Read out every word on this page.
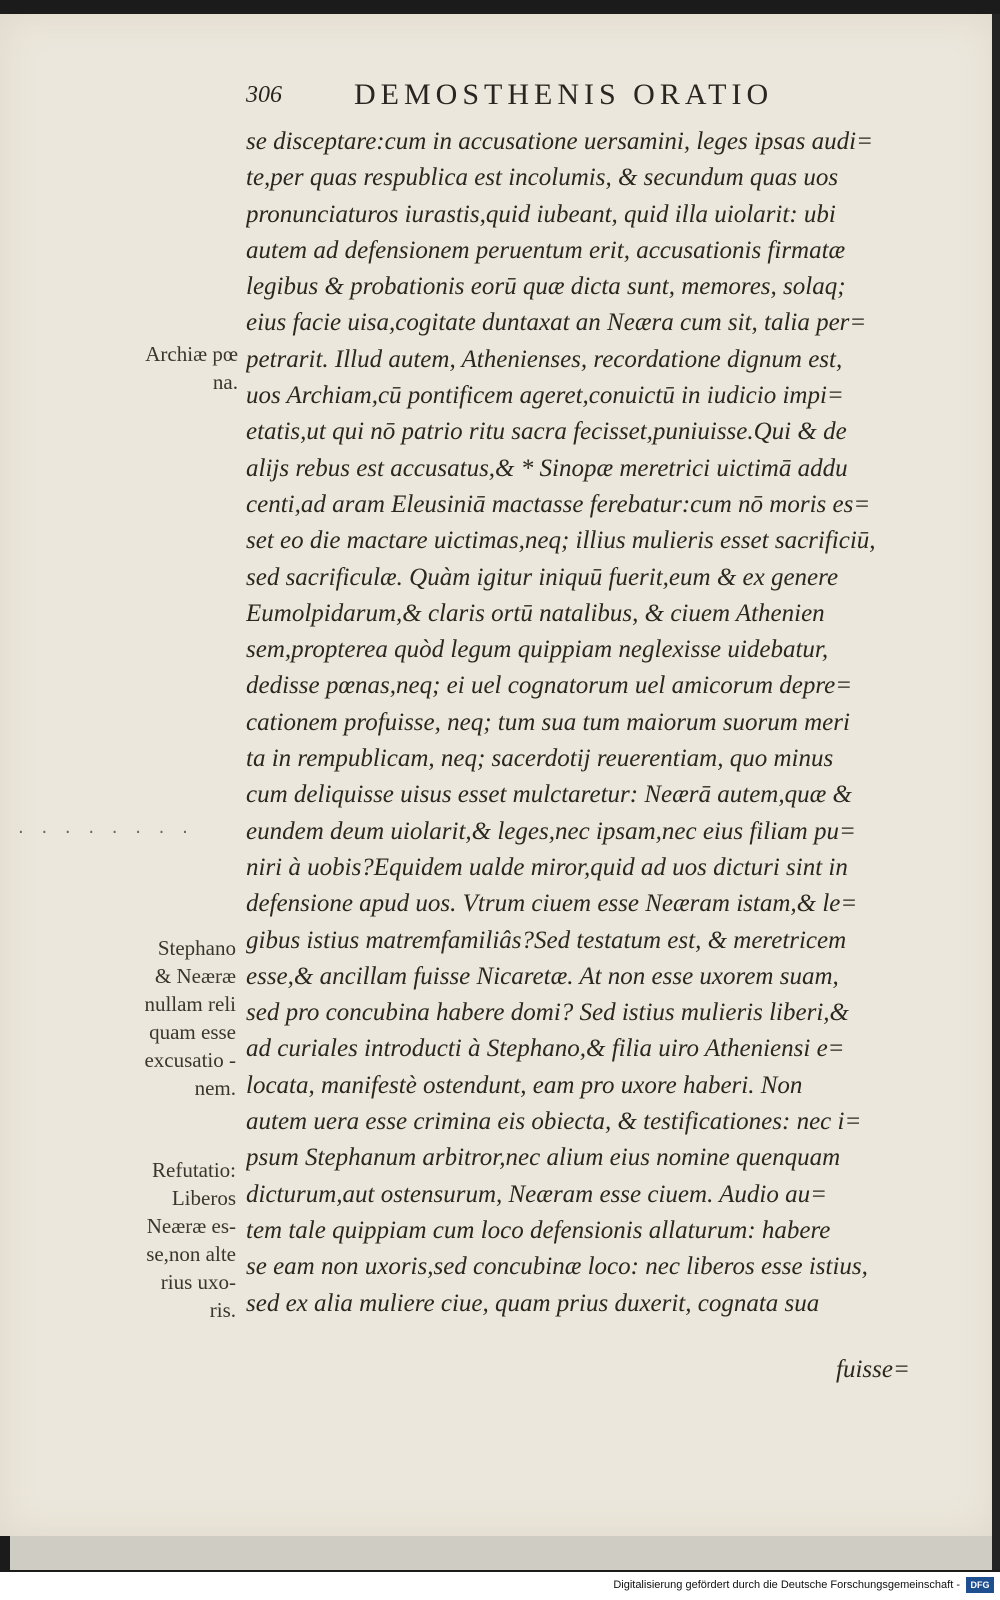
306 DEMOSTHENIS ORATIO
Archiæ pœ
na.
· · · · · · · ·
Stephano
& Neæræ
nullam reli
quam esse
excusatio -
nem.
Refutatio:
Liberos
Neæræ es-
se,non alte
rius uxo-
ris.
se disceptare:cum in accusatione uersamini, leges ipsas audi=
te,per quas respublica est incolumis, & secundum quas uos
pronunciaturos iurastis,quid iubeant, quid illa uiolarit: ubi
autem ad defensionem peruentum erit, accusationis firmatæ
legibus & probationis eorū quæ dicta sunt, memores, solaq;
eius facie uisa,cogitate duntaxat an Neæra cum sit, talia per=
petrarit. Illud autem, Athenienses, recordatione dignum est,
uos Archiam,cū pontificem ageret,conuictū in iudicio impi=
etatis,ut qui nō patrio ritu sacra fecisset,puniuisse.Qui & de
alijs rebus est accusatus,& * Sinopæ meretrici uictimā addu
centi,ad aram Eleusiniā mactasse ferebatur:cum nō moris es=
set eo die mactare uictimas,neq; illius mulieris esset sacrificiū,
sed sacrificulæ. Quàm igitur iniquū fuerit,eum & ex genere
Eumolpidarum,& claris ortū natalibus, & ciuem Athenien
sem,propterea quòd legum quippiam neglexisse uidebatur,
dedisse pœnas,neq; ei uel cognatorum uel amicorum depre=
cationem profuisse, neq; tum sua tum maiorum suorum meri
ta in rempublicam, neq; sacerdotij reuerentiam, quo minus
cum deliquisse uisus esset mulctaretur: Neærā autem,quæ &
eundem deum uiolarit,& leges,nec ipsam,nec eius filiam pu=
niri à uobis?Equidem ualde miror,quid ad uos dicturi sint in
defensione apud uos. Vtrum ciuem esse Neæram istam,& le=
gibus istius matremfamiliâs?Sed testatum est, & meretricem
esse,& ancillam fuisse Nicaretæ. At non esse uxorem suam,
sed pro concubina habere domi? Sed istius mulieris liberi,&
ad curiales introducti à Stephano,& filia uiro Atheniensi e=
locata, manifestè ostendunt, eam pro uxore haberi. Non
autem uera esse crimina eis obiecta, & testificationes: nec i=
psum Stephanum arbitror,nec alium eius nomine quenquam
dicturum,aut ostensurum, Neæram esse ciuem. Audio au=
tem tale quippiam cum loco defensionis allaturum: habere
se eam non uxoris,sed concubinæ loco: nec liberos esse istius,
sed ex alia muliere ciue, quam prius duxerit, cognata sua
fuisse=
Digitalisierung gefördert durch die Deutsche Forschungsgemeinschaft -	DFG
